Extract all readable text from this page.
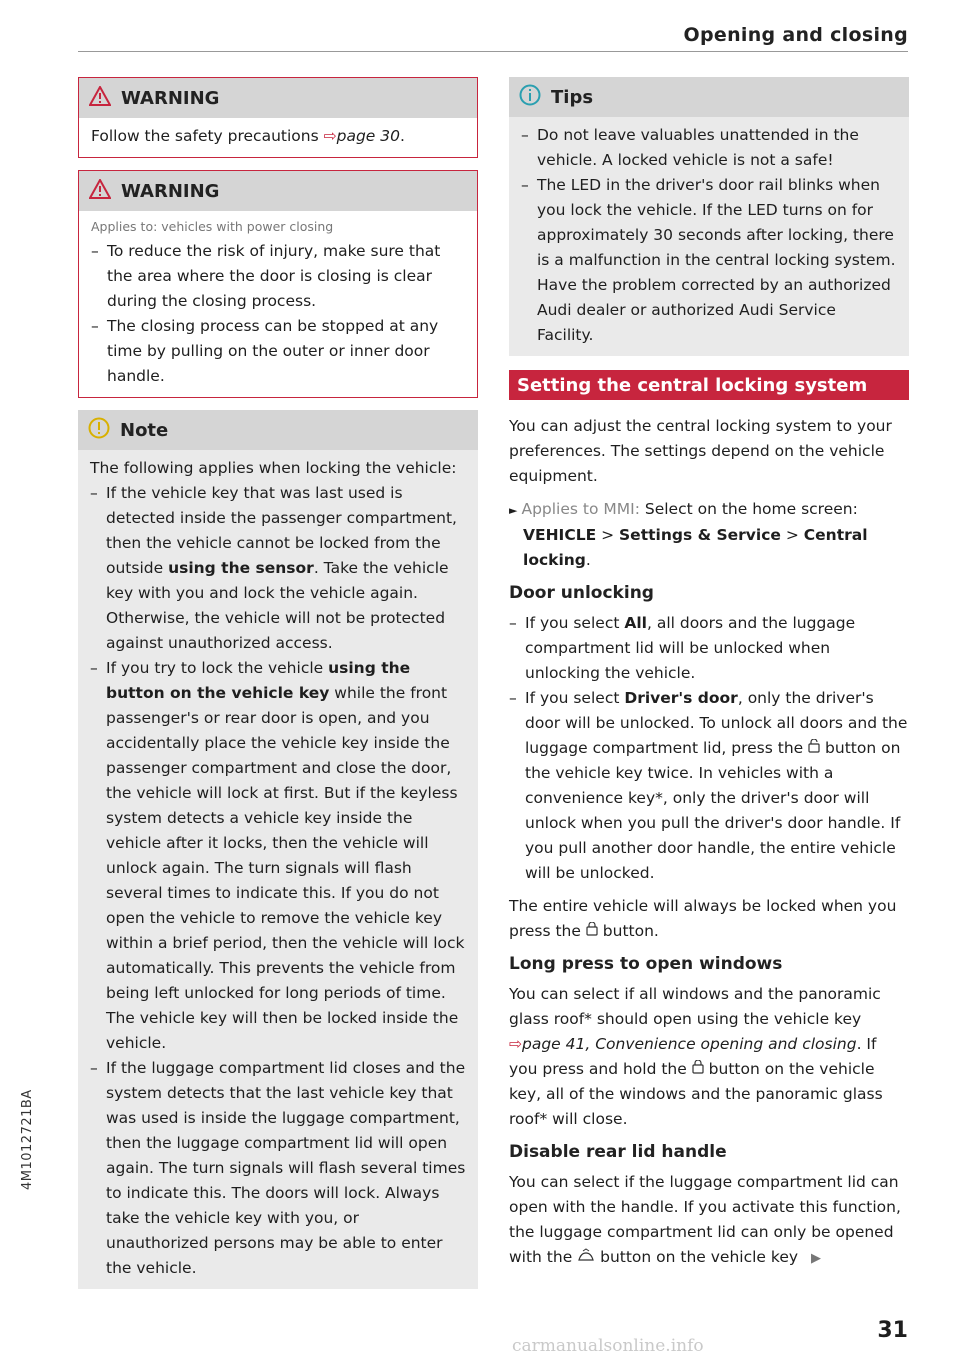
Opening and closing
4M1012721BA
WARNING
Follow the safety precautions ⇨page 30.
WARNING
Applies to: vehicles with power closing
– To reduce the risk of injury, make sure that the area where the door is closing is clear during the closing process.
– The closing process can be stopped at any time by pulling on the outer or inner door handle.
Note
The following applies when locking the vehicle:
– If the vehicle key that was last used is detected inside the passenger compartment, then the vehicle cannot be locked from the outside using the sensor. Take the vehicle key with you and lock the vehicle again. Otherwise, the vehicle will not be protected against unauthorized access.
– If you try to lock the vehicle using the button on the vehicle key while the front passenger's or rear door is open, and you accidentally place the vehicle key inside the passenger compartment and close the door, the vehicle will lock at first. But if the keyless system detects a vehicle key inside the vehicle after it locks, then the vehicle will unlock again. The turn signals will flash several times to indicate this. If you do not open the vehicle to remove the vehicle key within a brief period, then the vehicle will lock automatically. This prevents the vehicle from being left unlocked for long periods of time. The vehicle key will then be locked inside the vehicle.
– If the luggage compartment lid closes and the system detects that the last vehicle key that was used is inside the luggage compartment, then the luggage compartment lid will open again. The turn signals will flash several times to indicate this. The doors will lock. Always take the vehicle key with you, or unauthorized persons may be able to enter the vehicle.
Tips
– Do not leave valuables unattended in the vehicle. A locked vehicle is not a safe!
– The LED in the driver's door rail blinks when you lock the vehicle. If the LED turns on for approximately 30 seconds after locking, there is a malfunction in the central locking system. Have the problem corrected by an authorized Audi dealer or authorized Audi Service Facility.
Setting the central locking system
You can adjust the central locking system to your preferences. The settings depend on the vehicle equipment.
► Applies to MMI: Select on the home screen: VEHICLE > Settings & Service > Central locking.
Door unlocking
– If you select All, all doors and the luggage compartment lid will be unlocked when unlocking the vehicle.
– If you select Driver's door, only the driver's door will be unlocked. To unlock all doors and the luggage compartment lid, press the  button on the vehicle key twice. In vehicles with a convenience key*, only the driver's door will unlock when you pull the driver's door handle. If you pull another door handle, the entire vehicle will be unlocked.
The entire vehicle will always be locked when you press the  button.
Long press to open windows
You can select if all windows and the panoramic glass roof* should open using the vehicle key ⇨page 41, Convenience opening and closing. If you press and hold the  button on the vehicle key, all of the windows and the panoramic glass roof* will close.
Disable rear lid handle
You can select if the luggage compartment lid can open with the handle. If you activate this function, the luggage compartment lid can only be opened with the  button on the vehicle key ▶
31
carmanualsonline.info
